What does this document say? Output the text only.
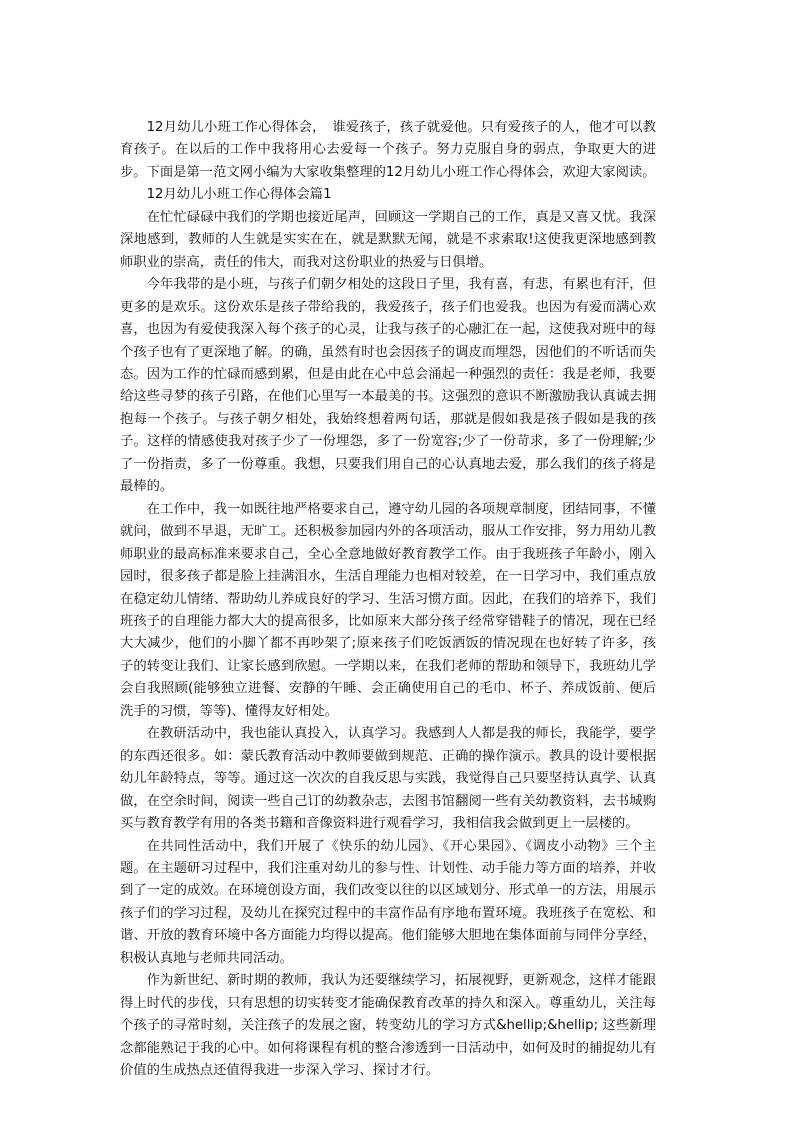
12月幼儿小班工作心得体会，　谁爱孩子，孩子就爱他。只有爱孩子的人，他才可以教育孩子。在以后的工作中我将用心去爱每一个孩子。努力克服自身的弱点，争取更大的进步。下面是第一范文网小编为大家收集整理的12月幼儿小班工作心得体会，欢迎大家阅读。

12月幼儿小班工作心得体会篇1

在忙忙碌碌中我们的学期也接近尾声，回顾这一学期自己的工作，真是又喜又忧。我深深地感到，教师的人生就是实实在在，就是默默无闻，就是不求索取!这使我更深地感到教师职业的崇高，责任的伟大，而我对这份职业的热爱与日俱增。

今年我带的是小班，与孩子们朝夕相处的这段日子里，我有喜，有悲，有累也有汗，但更多的是欢乐。这份欢乐是孩子带给我的，我爱孩子，孩子们也爱我。也因为有爱而满心欢喜，也因为有爱使我深入每个孩子的心灵，让我与孩子的心融汇在一起，这使我对班中的每个孩子也有了更深地了解。的确，虽然有时也会因孩子的调皮而埋怨，因他们的不听话而失态。因为工作的忙碌而感到累，但是由此在心中总会涌起一种强烈的责任：我是老师，我要给这些寻梦的孩子引路，在他们心里写一本最美的书。这强烈的意识不断激励我认真诚去拥抱每一个孩子。与孩子朝夕相处，我始终想着两句话，那就是假如我是孩子假如是我的孩子。这样的情感使我对孩子少了一份埋怨，多了一份宽容;少了一份苛求，多了一份理解;少了一份指责，多了一份尊重。我想，只要我们用自己的心认真地去爱，那么我们的孩子将是最棒的。

在工作中，我一如既往地严格要求自己，遵守幼儿园的各项规章制度，团结同事，不懂就问，做到不早退，无旷工。还积极参加园内外的各项活动，服从工作安排，努力用幼儿教师职业的最高标准来要求自己，全心全意地做好教育教学工作。由于我班孩子年龄小，刚入园时，很多孩子都是脸上挂满泪水，生活自理能力也相对较差，在一日学习中，我们重点放在稳定幼儿情绪、帮助幼儿养成良好的学习、生活习惯方面。因此，在我们的培养下，我们班孩子的自理能力都大大的提高很多，比如原来大部分孩子经常穿错鞋子的情况，现在已经大大减少，他们的小脚丫都不再吵架了;原来孩子们吃饭洒饭的情况现在也好转了许多，孩子的转变让我们、让家长感到欣慰。一学期以来，在我们老师的帮助和领导下，我班幼儿学会自我照顾(能够独立进餐、安静的午睡、会正确使用自己的毛巾、杯子、养成饭前、便后洗手的习惯，等等)、懂得友好相处。

在教研活动中，我也能认真投入，认真学习。我感到人人都是我的师长，我能学，要学的东西还很多。如：蒙氏教育活动中教师要做到规范、正确的操作演示。教具的设计要根据幼儿年龄特点，等等。通过这一次次的自我反思与实践，我觉得自己只要坚持认真学、认真做，在空余时间，阅读一些自己订的幼教杂志，去图书馆翻阅一些有关幼教资料，去书城购买与教育教学有用的各类书籍和音像资料进行观看学习，我相信我会做到更上一层楼的。

在共同性活动中，我们开展了《快乐的幼儿园》、《开心果园》、《调皮小动物》三个主题。在主题研习过程中，我们注重对幼儿的参与性、计划性、动手能力等方面的培养，并收到了一定的成效。在环境创设方面，我们改变以往的以区域划分、形式单一的方法，用展示孩子们的学习过程，及幼儿在探究过程中的丰富作品有序地布置环境。我班孩子在宽松、和谐、开放的教育环境中各方面能力均得以提高。他们能够大胆地在集体面前与同伴分享经，积极认真地与老师共同活动。

作为新世纪、新时期的教师，我认为还要继续学习，拓展视野，更新观念，这样才能跟得上时代的步伐，只有思想的切实转变才能确保教育改革的持久和深入。尊重幼儿，关注每个孩子的寻常时刻，关注孩子的发展之窗，转变幼儿的学习方式&hellip;&hellip; 这些新理念都能熟记于我的心中。如何将课程有机的整合渗透到一日活动中，如何及时的捕捉幼儿有价值的生成热点还值得我进一步深入学习、探讨才行。
